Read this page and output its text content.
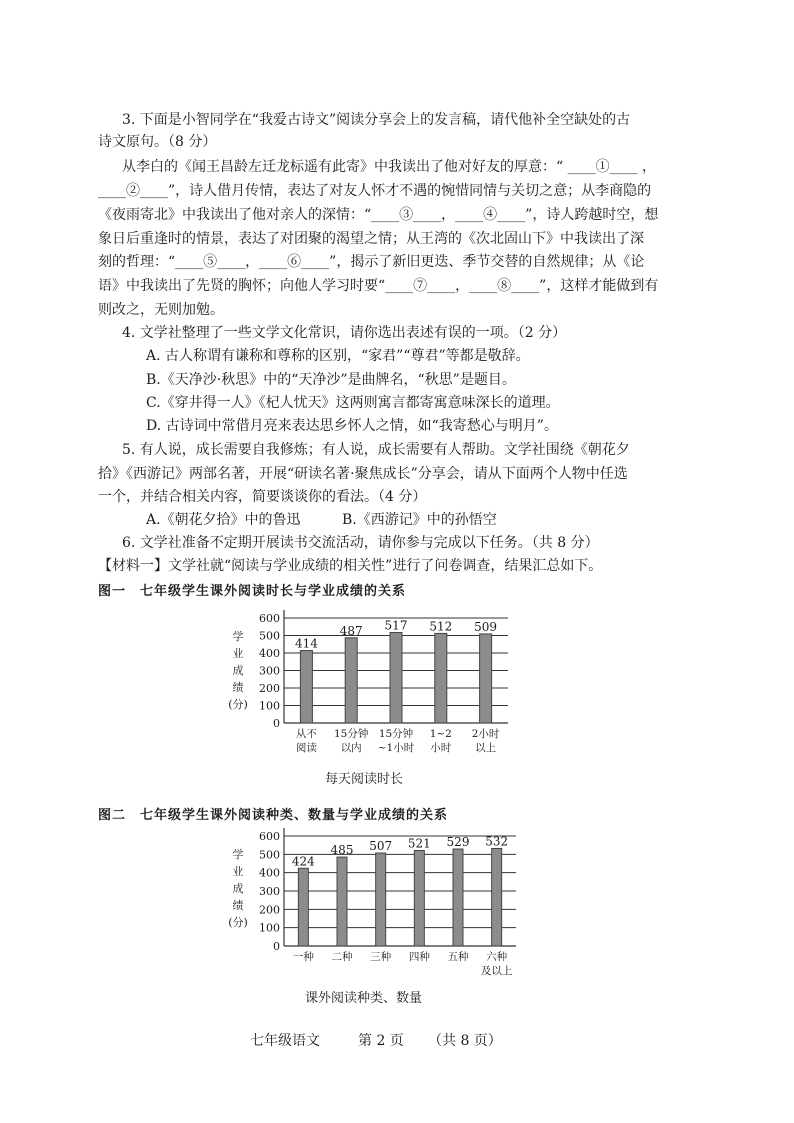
3. 下面是小智同学在“我爱古诗文”阅读分享会上的发言稿，请代他补全空缺处的古
诗文原句。（8 分）
从李白的《闻王昌龄左迁龙标遥有此寄》中我读出了他对好友的厚意：“ ____①____ ，
____②____”，诗人借月传情，表达了对友人怀才不遇的惋惜同情与关切之意；从李商隐的
《夜雨寄北》中我读出了他对亲人的深情：“____③____，____④____”，诗人跨越时空，想
象日后重逢时的情景，表达了对团聚的渴望之情；从王湾的《次北固山下》中我读出了深
刻的哲理：“____⑤____，____⑥____”，揭示了新旧更迭、季节交替的自然规律；从《论
语》中我读出了先贤的胸怀；向他人学习时要“____⑦____，____⑧____”，这样才能做到有
则改之，无则加勉。
4. 文学社整理了一些文学文化常识，请你选出表述有误的一项。（2 分）
A. 古人称谓有谦称和尊称的区别，“家君”“尊君”等都是敬辞。
B.《天净沙·秋思》中的“天净沙”是曲牌名，“秋思”是题目。
C.《穿井得一人》《杞人忧天》这两则寓言都寄寓意味深长的道理。
D. 古诗词中常借月亮来表达思乡怀人之情，如“我寄愁心与明月”。
5. 有人说，成长需要自我修炼；有人说，成长需要有人帮助。文学社围绕《朝花夕
拾》《西游记》两部名著，开展“研读名著·聚焦成长”分享会，请从下面两个人物中任选
一个，并结合相关内容，简要谈谈你的看法。（4 分）
A.《朝花夕拾》中的鲁迅	B.《西游记》中的孙悟空
6. 文学社准备不定期开展读书交流活动，请你参与完成以下任务。（共 8 分）
【材料一】文学社就“阅读与学业成绩的相关性”进行了问卷调查，结果汇总如下。
图一　七年级学生课外阅读时长与学业成绩的关系
学
业
成
绩
(分)
0
100
200
300
400
500
600
414
从不
阅读
487
15分钟
以内
517
15分钟
~1小时
512
1~2
小时
509
2小时
以上
每天阅读时长
图二　七年级学生课外阅读种类、数量与学业成绩的关系
学
业
成
绩
(分)
0
100
200
300
400
500
600
424
一种
485
二种
507
三种
521
四种
529
五种
532
六种
及以上
课外阅读种类、数量
七年级语文	第 2 页 （共 8 页）
